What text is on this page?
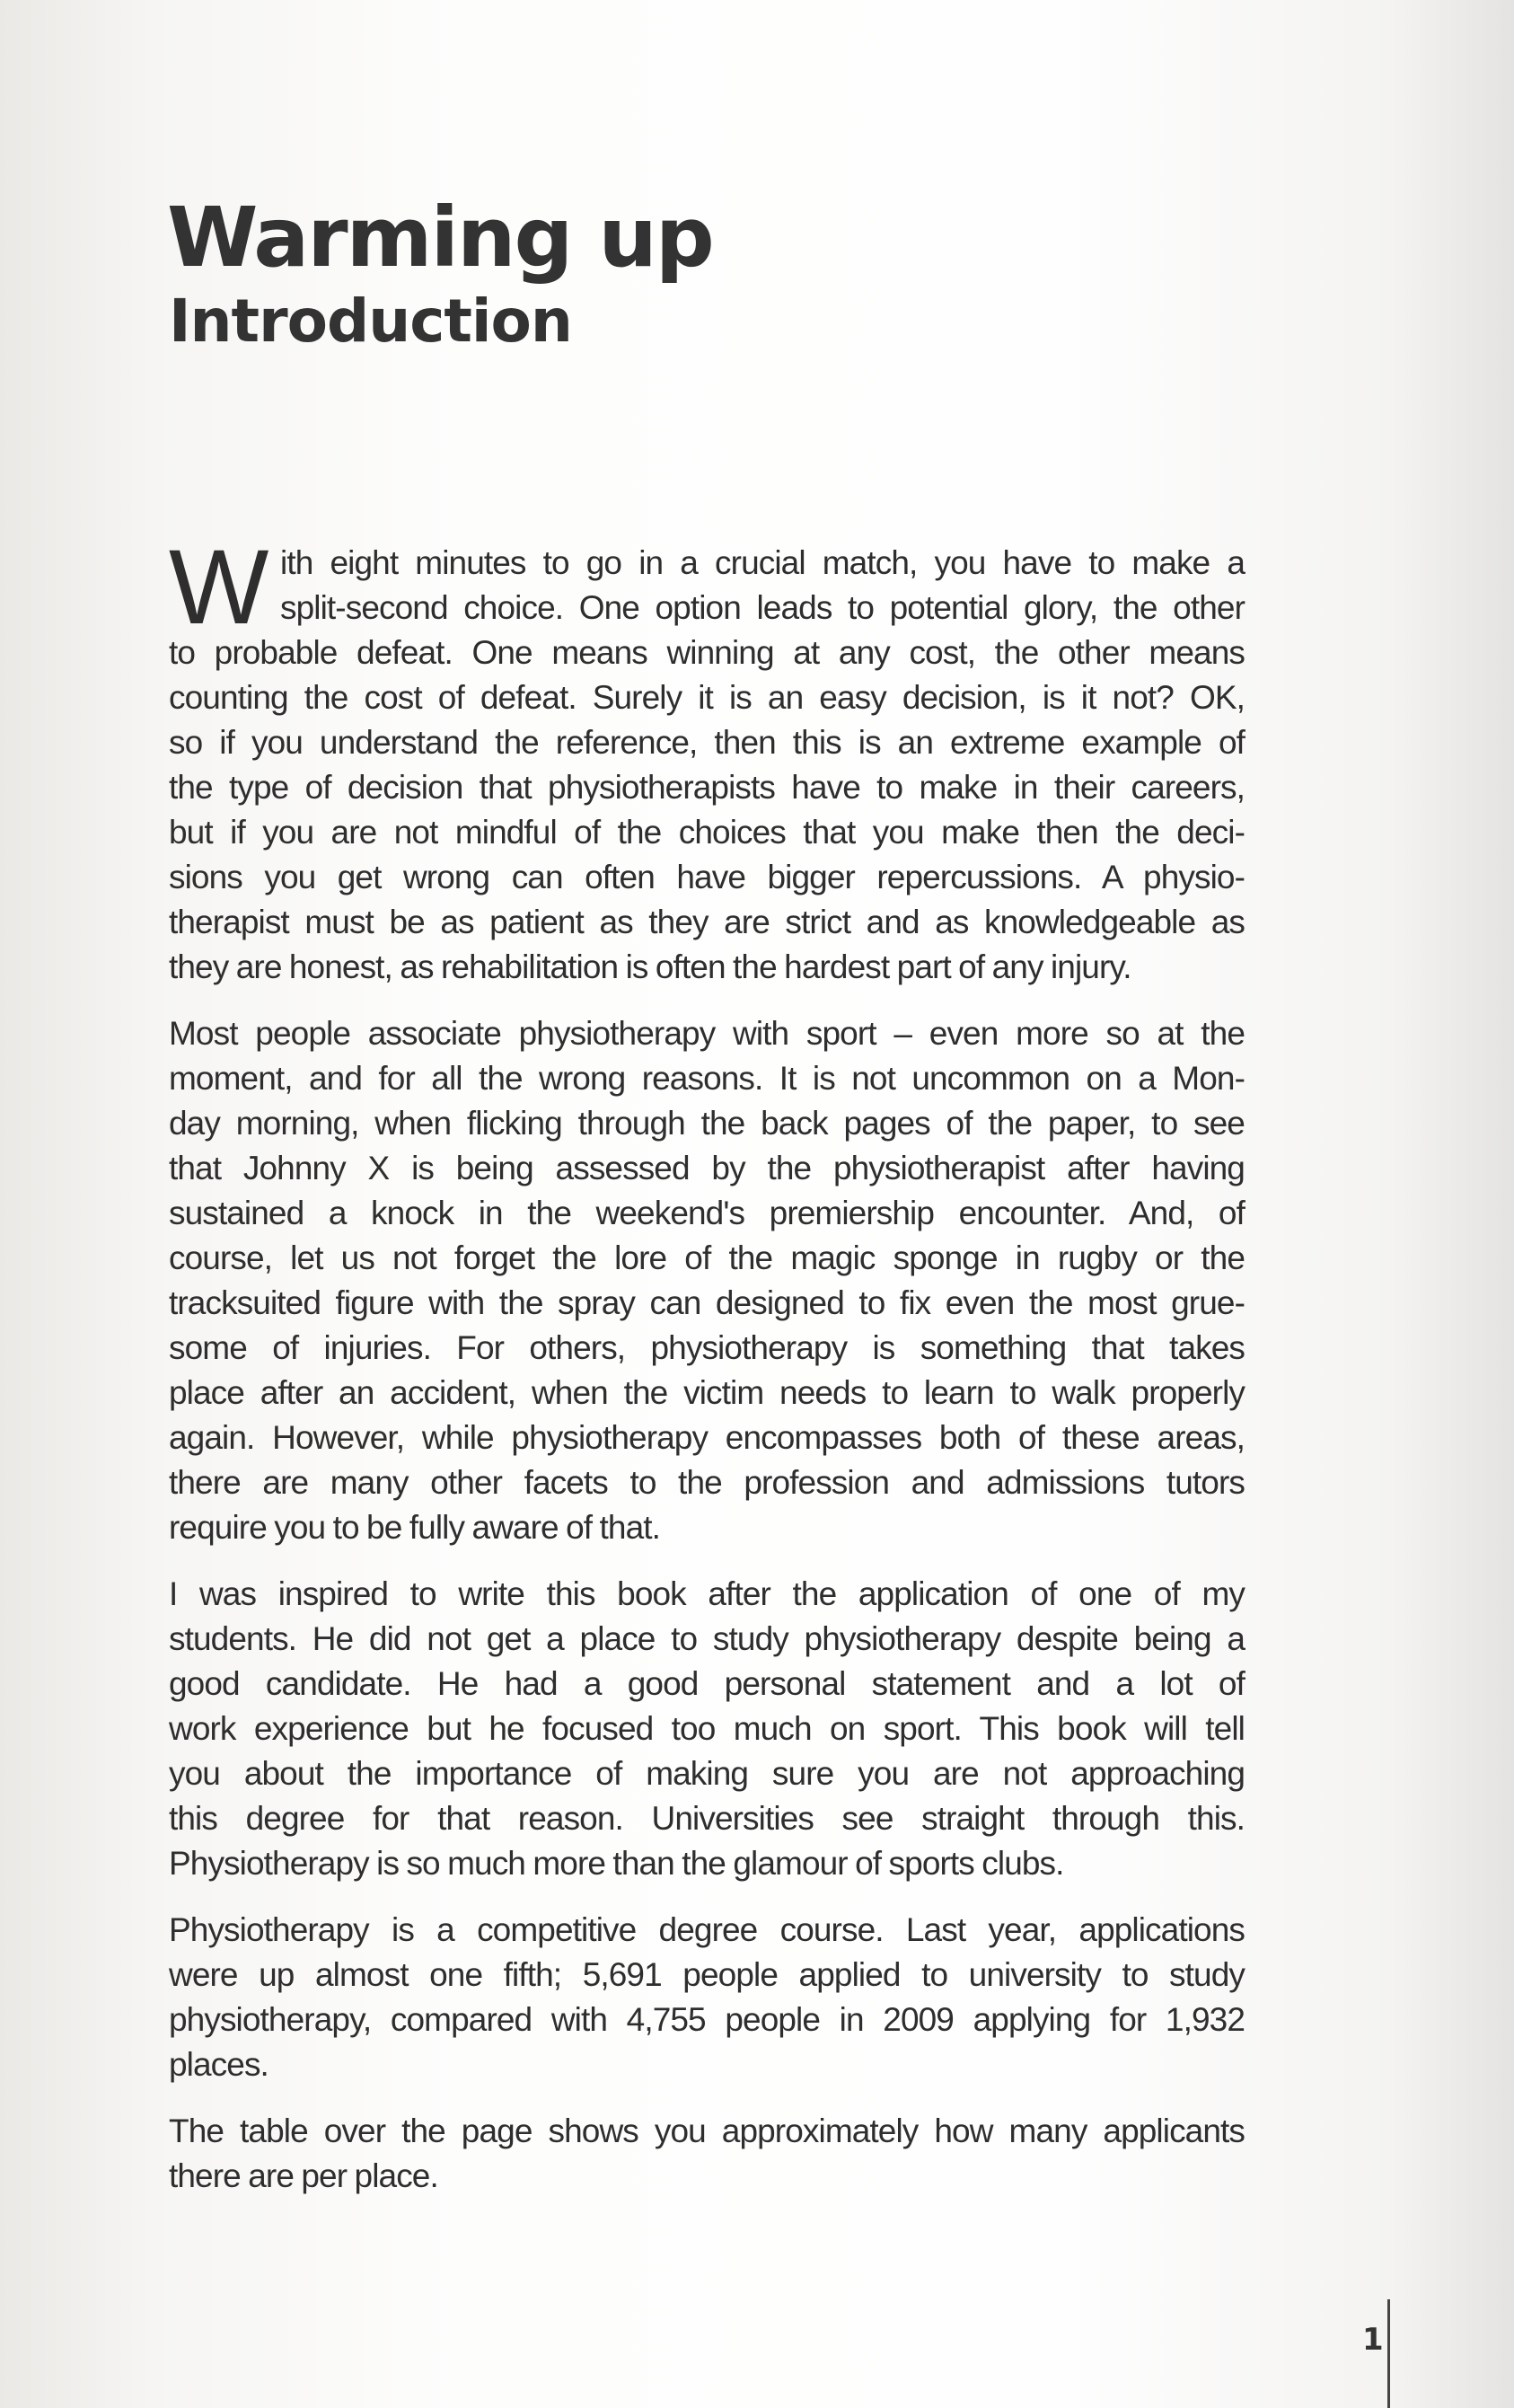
Warming up
Introduction
W ith eight minutes to go in a crucial match, you have to make a
split-second choice. One option leads to potential glory, the other
to probable defeat. One means winning at any cost, the other means
counting the cost of defeat. Surely it is an easy decision, is it not? OK,
so if you understand the reference, then this is an extreme example of
the type of decision that physiotherapists have to make in their careers,
but if you are not mindful of the choices that you make then the deci-
sions you get wrong can often have bigger repercussions. A physio-
therapist must be as patient as they are strict and as knowledgeable as
they are honest, as rehabilitation is often the hardest part of any injury.

Most people associate physiotherapy with sport – even more so at the
moment, and for all the wrong reasons. It is not uncommon on a Mon-
day morning, when flicking through the back pages of the paper, to see
that Johnny X is being assessed by the physiotherapist after having
sustained a knock in the weekend's premiership encounter. And, of
course, let us not forget the lore of the magic sponge in rugby or the
tracksuited figure with the spray can designed to fix even the most grue-
some of injuries. For others, physiotherapy is something that takes
place after an accident, when the victim needs to learn to walk properly
again. However, while physiotherapy encompasses both of these areas,
there are many other facets to the profession and admissions tutors
require you to be fully aware of that.

I was inspired to write this book after the application of one of my
students. He did not get a place to study physiotherapy despite being a
good candidate. He had a good personal statement and a lot of
work experience but he focused too much on sport. This book will tell
you about the importance of making sure you are not approaching
this degree for that reason. Universities see straight through this.
Physiotherapy is so much more than the glamour of sports clubs.

Physiotherapy is a competitive degree course. Last year, applications
were up almost one fifth; 5,691 people applied to university to study
physiotherapy, compared with 4,755 people in 2009 applying for 1,932
places.

The table over the page shows you approximately how many applicants
there are per place.

1
